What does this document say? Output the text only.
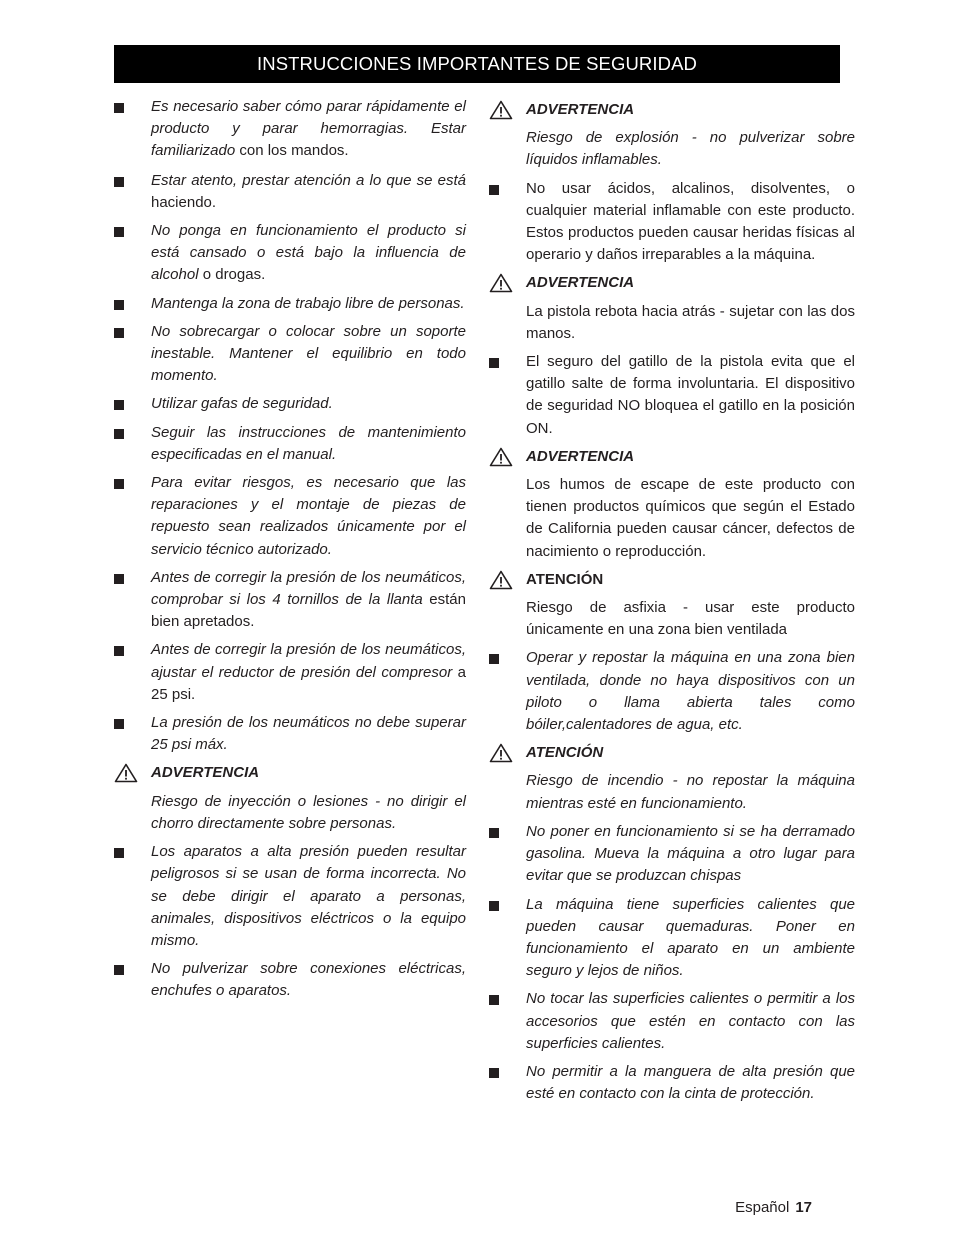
INSTRUCCIONES IMPORTANTES DE SEGURIDAD

Es necesario saber cómo parar rápidamente el producto y parar hemorragias. Estar familiarizado con los mandos.

Estar atento, prestar atención a lo que se está haciendo.

No ponga en funcionamiento el producto si está cansado o está bajo la influencia de alcohol o drogas.

Mantenga la zona de trabajo libre de personas.

No sobrecargar o colocar sobre un soporte inestable. Mantener el equilibrio en todo momento.

Utilizar gafas de seguridad.

Seguir las instrucciones de mantenimiento especificadas en el manual.

Para evitar riesgos, es necesario que las reparaciones y el montaje de piezas de repuesto sean realizados únicamente por el servicio técnico autorizado.

Antes de corregir la presión de los neumáticos, comprobar si los 4 tornillos de la llanta están bien apretados.

Antes de corregir la presión de los neumáticos, ajustar el reductor de presión del compresor a 25 psi.

La presión de los neumáticos no debe superar 25 psi máx.

ADVERTENCIA

Riesgo de inyección o lesiones - no dirigir el chorro directamente sobre personas.

Los aparatos a alta presión pueden resultar peligrosos si se usan de forma incorrecta. No se debe dirigir el aparato a personas, animales, dispositivos eléctricos o la equipo mismo.

No pulverizar sobre conexiones eléctricas, enchufes o aparatos.

ADVERTENCIA

Riesgo de explosión - no pulverizar sobre líquidos inflamables.

No usar ácidos, alcalinos, disolventes, o cualquier material inflamable con este producto. Estos productos pueden causar heridas físicas al operario y daños irreparables a la máquina.

ADVERTENCIA

La pistola rebota hacia atrás - sujetar con las dos manos.

El seguro del gatillo de la pistola evita que el gatillo salte de forma involuntaria. El dispositivo de seguridad NO bloquea el gatillo en la posición ON.

ADVERTENCIA

Los humos de escape de este producto con tienen productos químicos que según el Estado de California pueden causar cáncer, defectos de nacimiento o reproducción.

ATENCIÓN

Riesgo de asfixia - usar este producto únicamente en una zona bien ventilada

Operar y repostar la máquina en una zona bien ventilada, donde no haya dispositivos con un piloto o llama abierta tales como bóiler,calentadores de agua, etc.

ATENCIÓN

Riesgo de incendio - no repostar la máquina mientras esté en funcionamiento.

No poner en funcionamiento si se ha derramado gasolina. Mueva la máquina a otro lugar para evitar que se produzcan chispas

La máquina tiene superficies calientes que pueden causar quemaduras. Poner en funcionamiento el aparato en un ambiente seguro y lejos de niños.

No tocar las superficies calientes o permitir a los accesorios que estén en contacto con las superficies calientes.

No permitir a la manguera de alta presión que esté en contacto con la cinta de protección.

Español 17
